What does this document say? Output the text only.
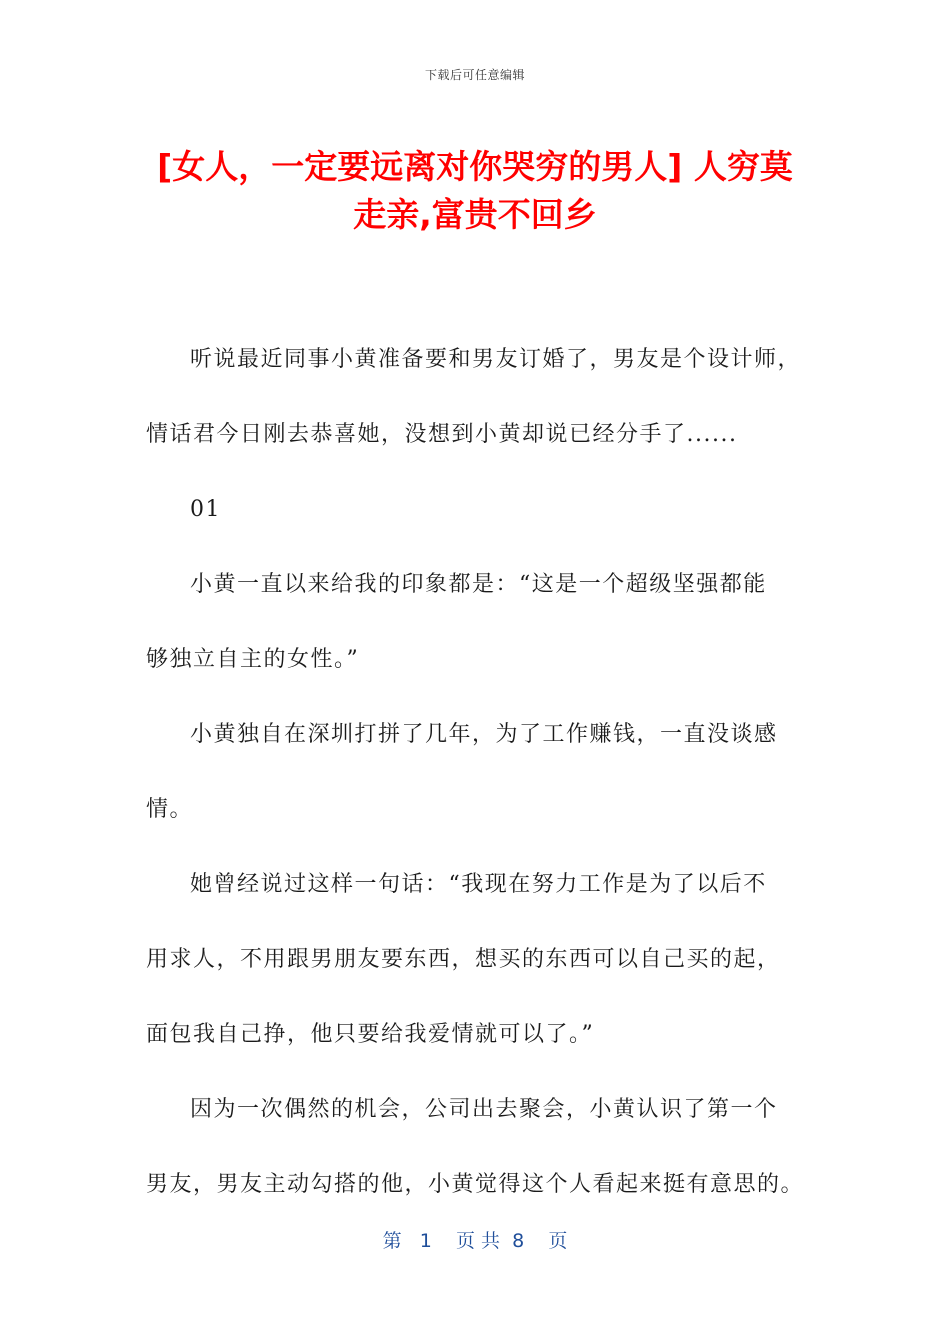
下载后可任意编辑
[女人，一定要远离对你哭穷的男人] 人穷莫
走亲,富贵不回乡

听说最近同事小黄准备要和男友订婚了，男友是个设计师，
情话君今日刚去恭喜她，没想到小黄却说已经分手了......

01

小黄一直以来给我的印象都是：“这是一个超级坚强都能
够独立自主的女性。”

小黄独自在深圳打拼了几年，为了工作赚钱，一直没谈感
情。

她曾经说过这样一句话：“我现在努力工作是为了以后不
用求人，不用跟男朋友要东西，想买的东西可以自己买的起，
面包我自己挣，他只要给我爱情就可以了。”

因为一次偶然的机会，公司出去聚会，小黄认识了第一个
男友，男友主动勾搭的他，小黄觉得这个人看起来挺有意思的。

第   1    页 共  8    页
